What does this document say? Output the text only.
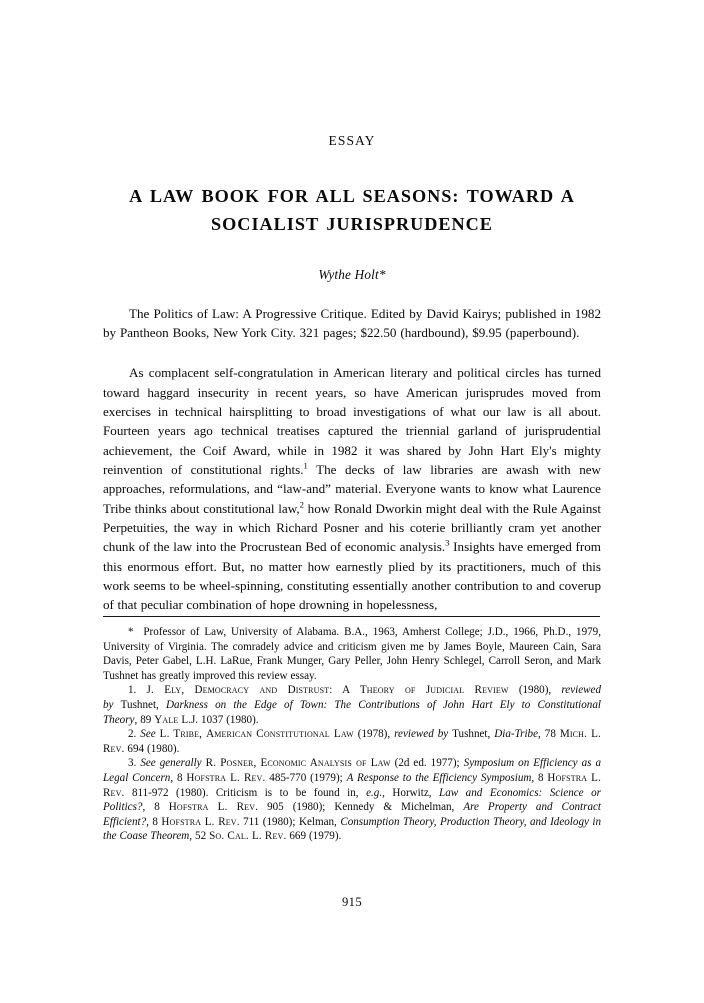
ESSAY
A LAW BOOK FOR ALL SEASONS: TOWARD A
SOCIALIST JURISPRUDENCE
Wythe Holt*
The Politics of Law: A Progressive Critique. Edited by David Kairys; published in 1982 by Pantheon Books, New York City. 321 pages; $22.50 (hardbound), $9.95 (paperbound).

As complacent self-congratulation in American literary and political circles has turned toward haggard insecurity in recent years, so have American jurisprudes moved from exercises in technical hairsplitting to broad investigations of what our law is all about. Fourteen years ago technical treatises captured the triennial garland of jurisprudential achievement, the Coif Award, while in 1982 it was shared by John Hart Ely's mighty reinvention of constitutional rights.$^1$ The decks of law libraries are awash with new approaches, reformulations, and “law-and” material. Everyone wants to know what Laurence Tribe thinks about constitutional law,$^2$ how Ronald Dworkin might deal with the Rule Against Perpetuities, the way in which Richard Posner and his coterie brilliantly cram yet another chunk of the law into the Procrustean Bed of economic analysis.$^3$ Insights have emerged from this enormous effort. But, no matter how earnestly plied by its practitioners, much of this work seems to be wheel-spinning, constituting essentially another contribution to and coverup of that peculiar combination of hope drowning in hopelessness,

* Professor of Law, University of Alabama. B.A., 1963, Amherst College; J.D., 1966, Ph.D., 1979, University of Virginia. The comradely advice and criticism given me by James Boyle, Maureen Cain, Sara Davis, Peter Gabel, L.H. LaRue, Frank Munger, Gary Peller, John Henry Schlegel, Carroll Seron, and Mark Tushnet has greatly improved this review essay.

1. J. Ely, Democracy and Distrust: A Theory of Judicial Review (1980), reviewed by Tushnet, Darkness on the Edge of Town: The Contributions of John Hart Ely to Constitutional Theory, 89 Yale L.J. 1037 (1980).

2. See L. Tribe, American Constitutional Law (1978), reviewed by Tushnet, Dia-Tribe, 78 Mich. L. Rev. 694 (1980).

3. See generally R. Posner, Economic Analysis of Law (2d ed. 1977); Symposium on Efficiency as a Legal Concern, 8 Hofstra L. Rev. 485-770 (1979); A Response to the Efficiency Symposium, 8 Hofstra L. Rev. 811-972 (1980). Criticism is to be found in, e.g., Horwitz, Law and Economics: Science or Politics?, 8 Hofstra L. Rev. 905 (1980); Kennedy & Michelman, Are Property and Contract Efficient?, 8 Hofstra L. Rev. 711 (1980); Kelman, Consumption Theory, Production Theory, and Ideology in the Coase Theorem, 52 So. Cal. L. Rev. 669 (1979).

915
